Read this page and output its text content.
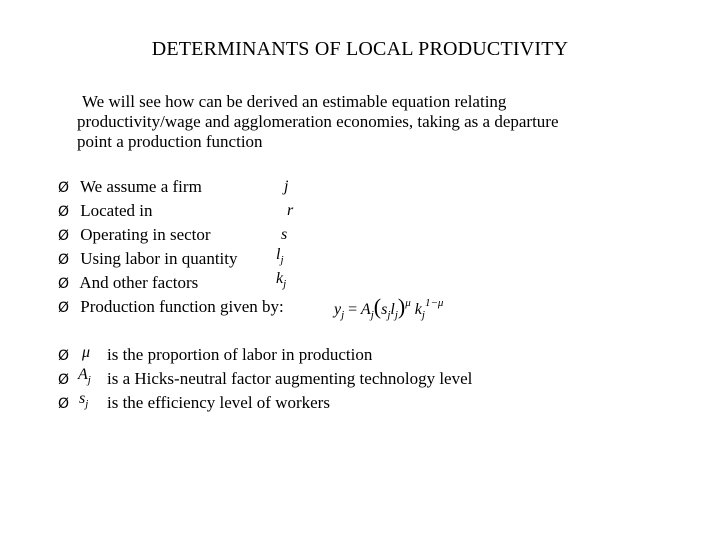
DETERMINANTS OF LOCAL PRODUCTIVITY
We will see how can be derived an estimable equation relating
productivity/wage and agglomeration economies, taking as a departure
point a production function
Ø We assume a firm	j
Ø Located in	r
Ø Operating in sector	s
Ø Using labor in quantity $l_j$
Ø And other factors	$k_j$
Ø Production function given by:	$y_j = A_j(s_jl_j)^\mu$ $k_j^{1-\mu}$
Ø μ is the proportion of labor in production
Ø $A_j$ is a Hicks-neutral factor augmenting technology level
Ø $s_j$ is the efficiency level of workers
